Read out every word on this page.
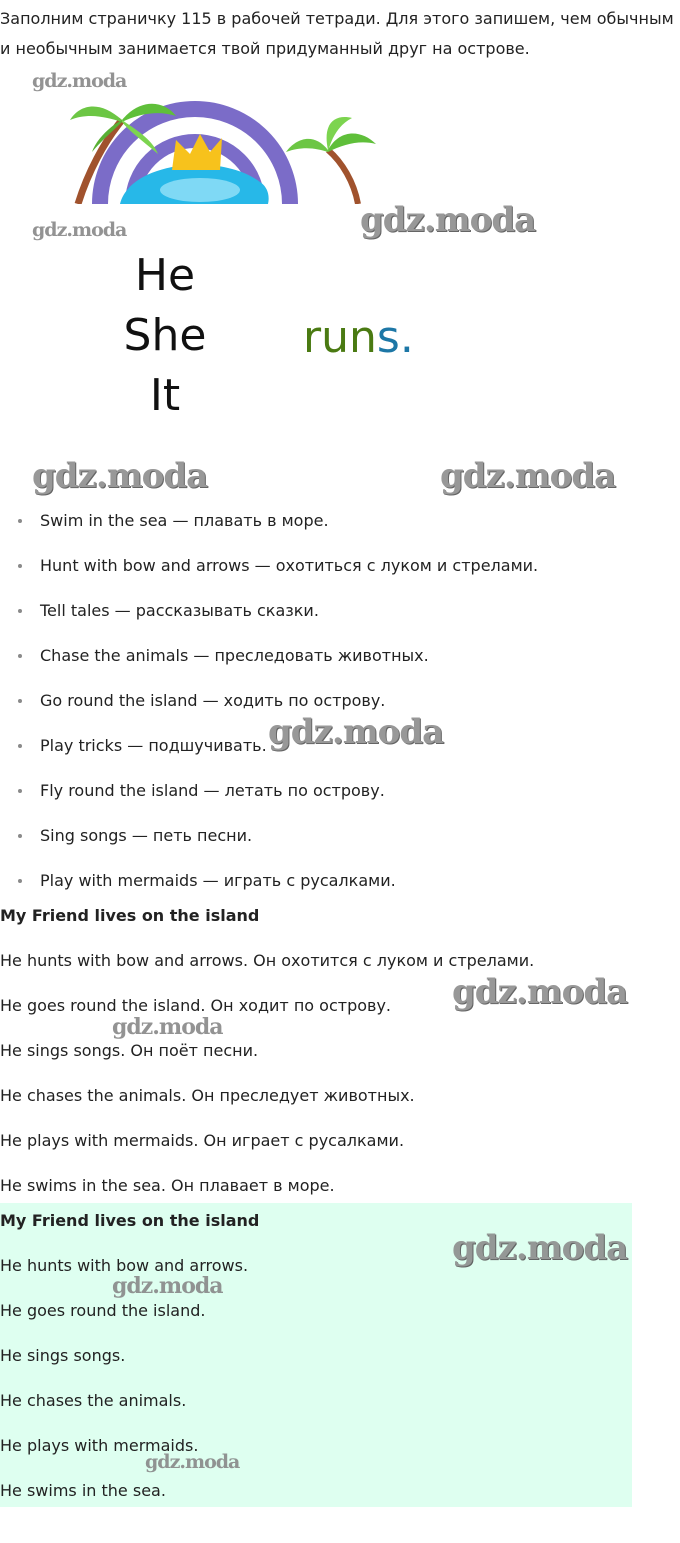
Заполним страничку 115 в рабочей тетради. Для этого запишем, чем обычным и необычным занимается твой придуманный друг на острове.

He

She

It

runs.

Swim in the sea — плавать в море.
Hunt with bow and arrows — охотиться с луком и стрелами.
Tell tales — рассказывать сказки.
Chase the animals — преследовать животных.
Go round the island — ходить по острову.
Play tricks — подшучивать.
Fly round the island — летать по острову.
Sing songs — петь песни.
Play with mermaids — играть с русалками.
My Friend lives on the island

He hunts with bow and arrows. Он охотится с луком и стрелами.

He goes round the island. Он ходит по острову.

He sings songs. Он поёт песни.

He chases the animals. Он преследует животных.

He plays with mermaids. Он играет с русалками.

He swims in the sea. Он плавает в море.

My Friend lives on the island

He hunts with bow and arrows.

He goes round the island.

He sings songs.

He chases the animals.

He plays with mermaids.

He swims in the sea.

gdz.moda
gdz.moda	gdz.moda
gdz.moda	gdz.moda
gdz.moda
gdz.moda
gdz.moda
gdz.moda
gdz.moda
gdz.moda
